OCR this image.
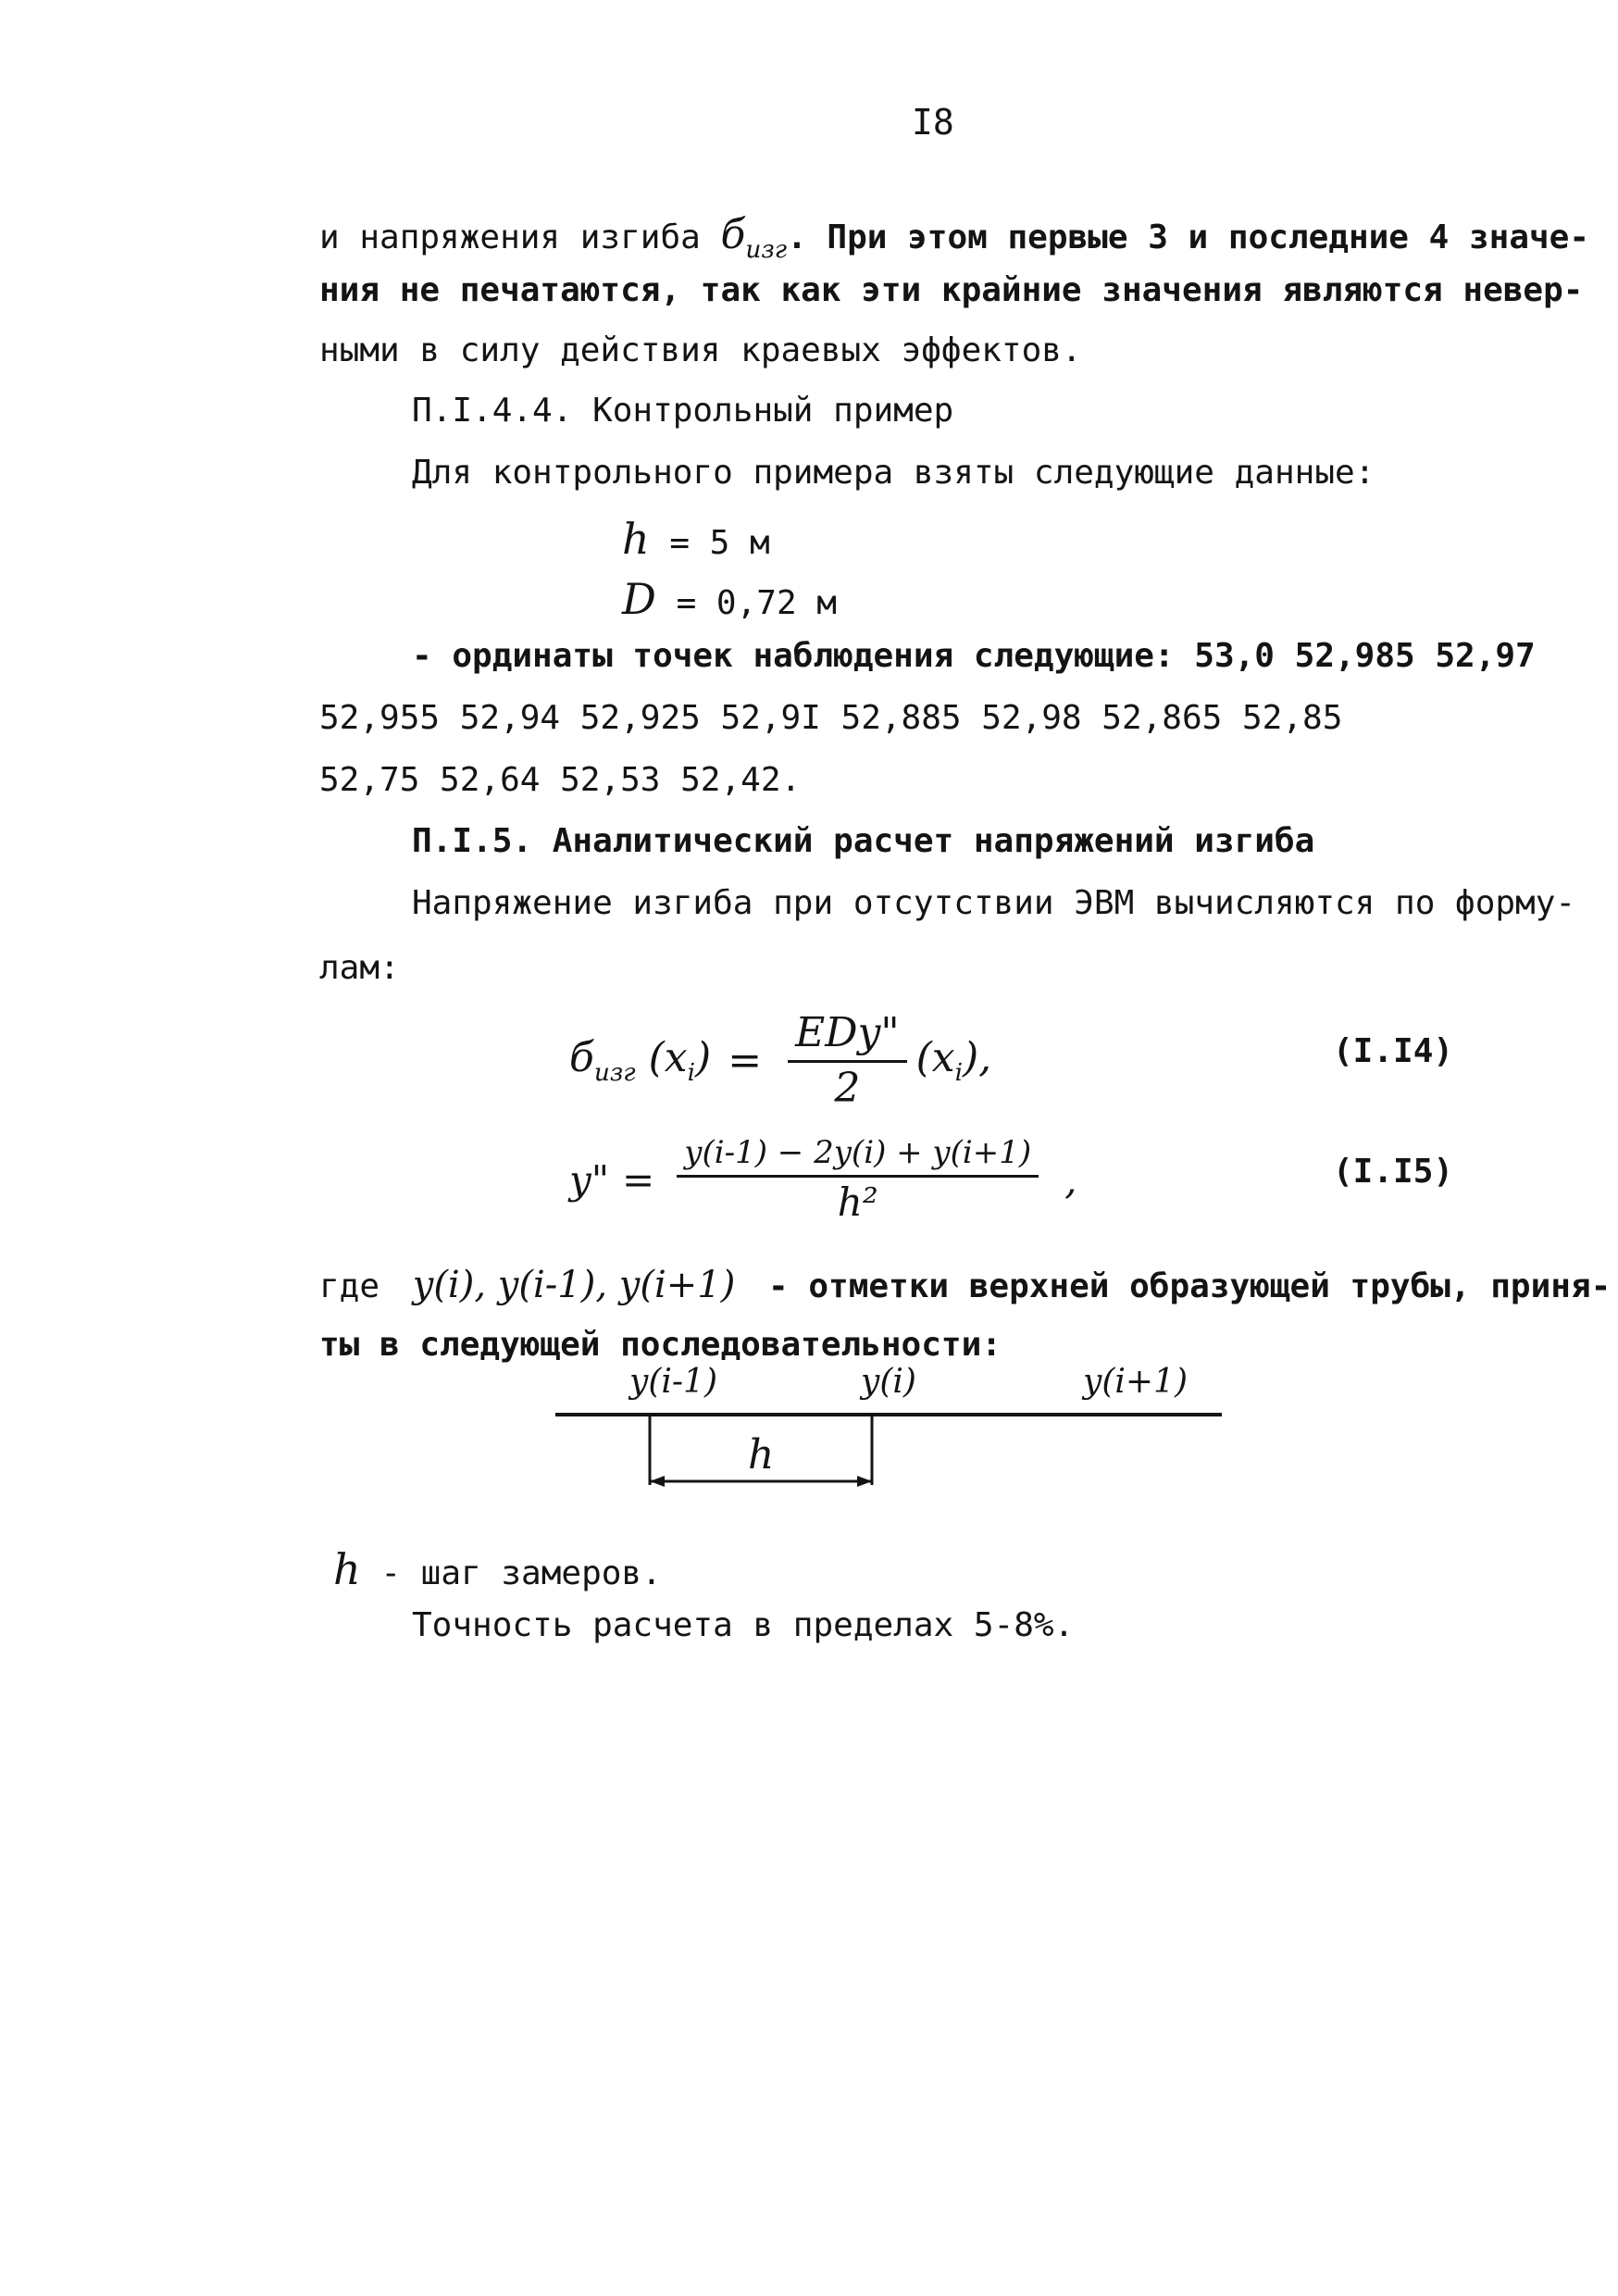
I8
и напряжения изгиба $б_{изг}$. При этом первые 3 и последние 4 значе-
ния не печатаются, так как эти крайние значения являются невер-
ными в силу действия краевых эффектов.
П.I.4.4. Контрольный пример
Для контрольного примера взяты следующие данные:
h = 5 м
D = 0,72 м
- ординаты точек наблюдения следующие: 53,0 52,985 52,97
52,955 52,94 52,925 52,9I 52,885 52,98 52,865 52,85
52,75 52,64 52,53 52,42.
П.I.5. Аналитический расчет напряжений изгиба
Напряжение изгиба при отсутствии ЭВМ вычисляются по форму-
лам:
$б_{изг}$ $(x_i) = \frac{\text{EDy"}}{2} (x_i)$,	(I.I4)
y" = $\frac{y(i-1) - 2y(i) + y(i+1)}{\text{h²}}$ ,	(I.I5)
где y(i), y(i-1), y(i+1) - отметки верхней образующей трубы, приня-
ты в следующей последовательности:
y(i-1)	y(i)	y(i+1)
h
h - шаг замеров.
Точность расчета в пределах 5-8%.
